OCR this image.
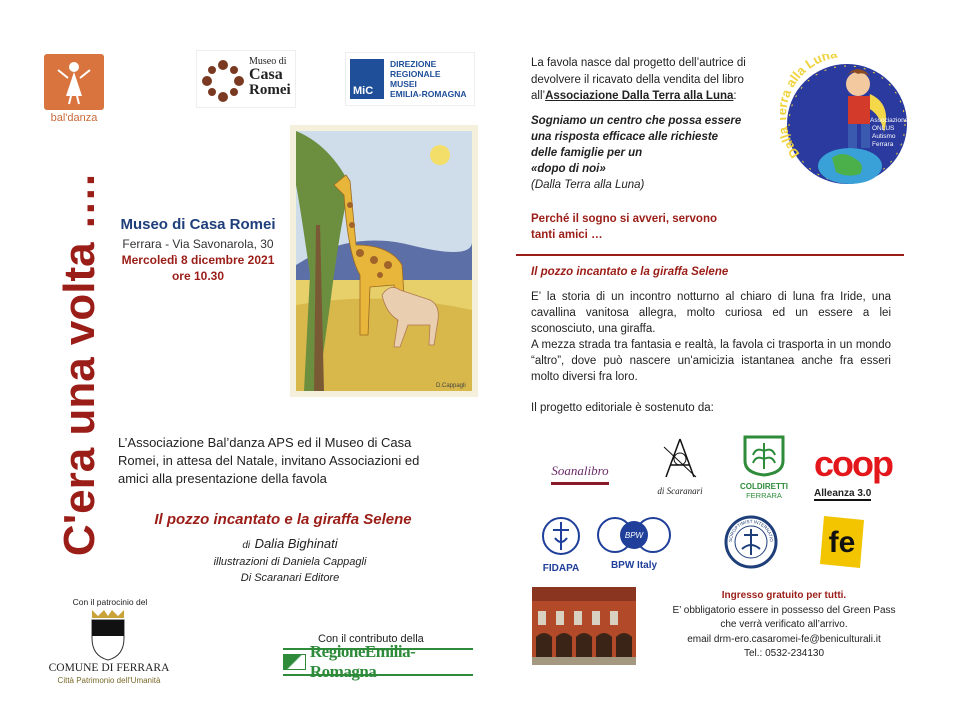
bal'danza
C'era una volta ….
Museo di
Casa
Romei	MiC
DIREZIONE
REGIONALE
MUSEI
EMILIA-ROMAGNA
D.Cappagli
Museo di Casa Romei
Ferrara - Via Savonarola, 30
Mercoledì 8 dicembre 2021
ore 10.30
L’Associazione Bal’danza APS ed il Museo di Casa Romei, in attesa del Natale, invitano Associazioni ed amici alla presentazione della favola
Il pozzo incantato e la giraffa Selene
di Dalia Bighinati
illustrazioni di Daniela Cappagli
Di Scaranari Editore
Con il patrocinio del
COMUNE DI FERRARA
Città Patrimonio dell'Umanità
Con il contributo della
RegioneEmilia-Romagna
La favola nasce dal progetto dell’autrice di devolvere il ricavato della vendita del libro all’Associazione Dalla Terra alla Luna:
Sogniamo un centro che possa essere
una risposta efficace alle richieste
delle famiglie per un
«dopo di noi»
(Dalla Terra alla Luna)
Perché il sogno si avveri, servono
tanti amici …
Associazione
ONLUS
Autismo
Ferrara
Dal alla Lun
Il pozzo incantato e la giraffa Selene

E’ la storia di un incontro notturno al chiaro di luna fra Iride, una cavallina vanitosa allegra, molto curiosa ed un essere a lei sconosciuto, una giraffa.

A mezza strada tra fantasia e realtà, la favola ci trasporta in un mondo “altro”, dove può nascere un'amicizia istantanea anche fra esseri molto diversi fra loro.

Il progetto editoriale è sostenuto da:
Soanalibro
di Scaranari	COLDIRETTI
FERRARA
coop
Alleanza 3.0
FIDAPA
BPW
BPW Italy
SOROPTIMIST INTERNATIO fe
Ingresso gratuito per tutti.
E’ obbligatorio essere in possesso del Green Pass
che verrà verificato all’arrivo.
email drm-ero.casaromei-fe@beniculturali.it
Tel.: 0532-234130
